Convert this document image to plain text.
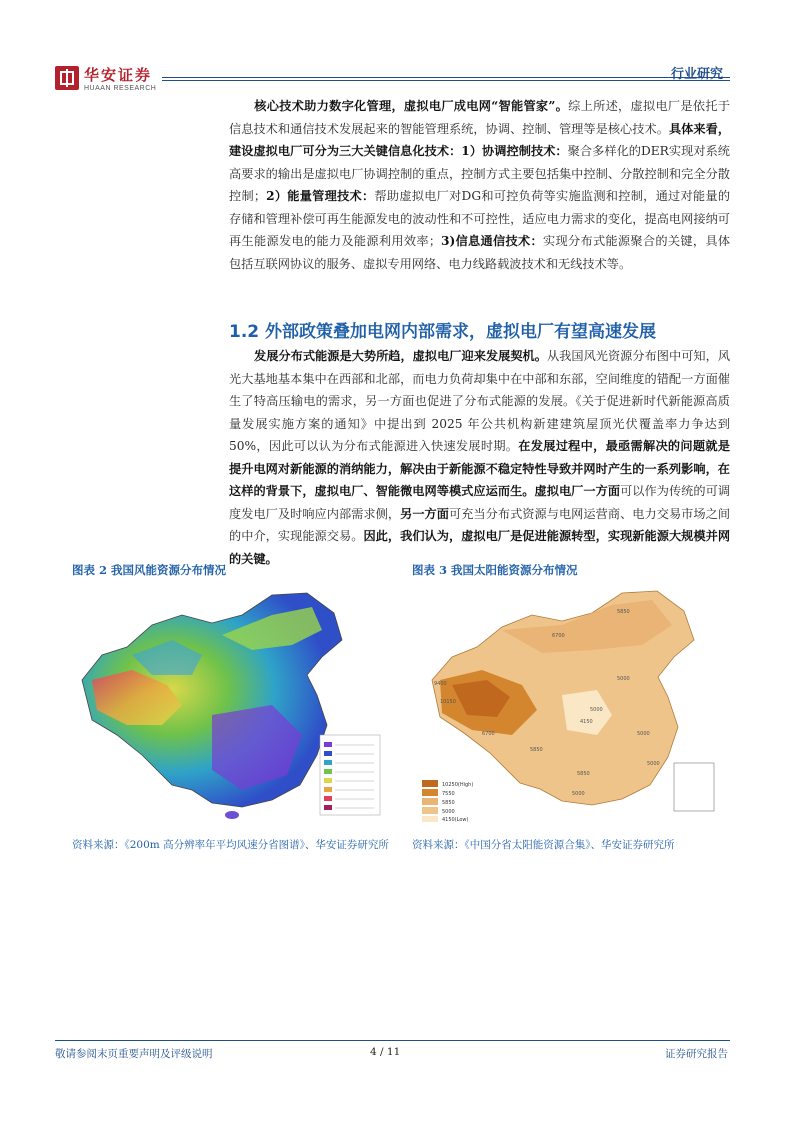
华安证券
HUAAN RESEARCH
行业研究
核心技术助力数字化管理，虚拟电厂成电网“智能管家”。综上所述，虚拟电厂是依托于信息技术和通信技术发展起来的智能管理系统，协调、控制、管理等是核心技术。具体来看，建设虚拟电厂可分为三大关键信息化技术：1）协调控制技术：聚合多样化的DER实现对系统高要求的输出是虚拟电厂协调控制的重点，控制方式主要包括集中控制、分散控制和完全分散控制；2）能量管理技术：帮助虚拟电厂对DG和可控负荷等实施监测和控制，通过对能量的存储和管理补偿可再生能源发电的波动性和不可控性，适应电力需求的变化，提高电网接纳可再生能源发电的能力及能源利用效率；3)信息通信技术：实现分布式能源聚合的关键，具体包括互联网协议的服务、虚拟专用网络、电力线路载波技术和无线技术等。
1.2 外部政策叠加电网内部需求，虚拟电厂有望高速发展
发展分布式能源是大势所趋，虚拟电厂迎来发展契机。从我国风光资源分布图中可知，风光大基地基本集中在西部和北部，而电力负荷却集中在中部和东部，空间维度的错配一方面催生了特高压输电的需求，另一方面也促进了分布式能源的发展。《关于促进新时代新能源高质量发展实施方案的通知》中提出到 2025 年公共机构新建建筑屋顶光伏覆盖率力争达到 50%，因此可以认为分布式能源进入快速发展时期。在发展过程中，最亟需解决的问题就是提升电网对新能源的消纳能力，解决由于新能源不稳定特性导致并网时产生的一系列影响，在这样的背景下，虚拟电厂、智能微电网等模式应运而生。虚拟电厂一方面可以作为传统的可调度发电厂及时响应内部需求侧，另一方面可充当分布式资源与电网运营商、电力交易市场之间的中介，实现能源交易。因此，我们认为，虚拟电厂是促进能源转型，实现新能源大规模并网的关键。
图表 2 我国风能资源分布情况	图表 3 我国太阳能资源分布情况
10250(High)
7550
5850
5000
4150(Low)
5850
6700
9400
10150
6700
5850
5850
5000
5000
4150
5000
5000
5000
资料来源：《200m 高分辨率年平均风速分省图谱》、华安证券研究所	资料来源：《中国分省太阳能资源合集》、华安证券研究所
敬请参阅末页重要声明及评级说明	4 / 11	证券研究报告
